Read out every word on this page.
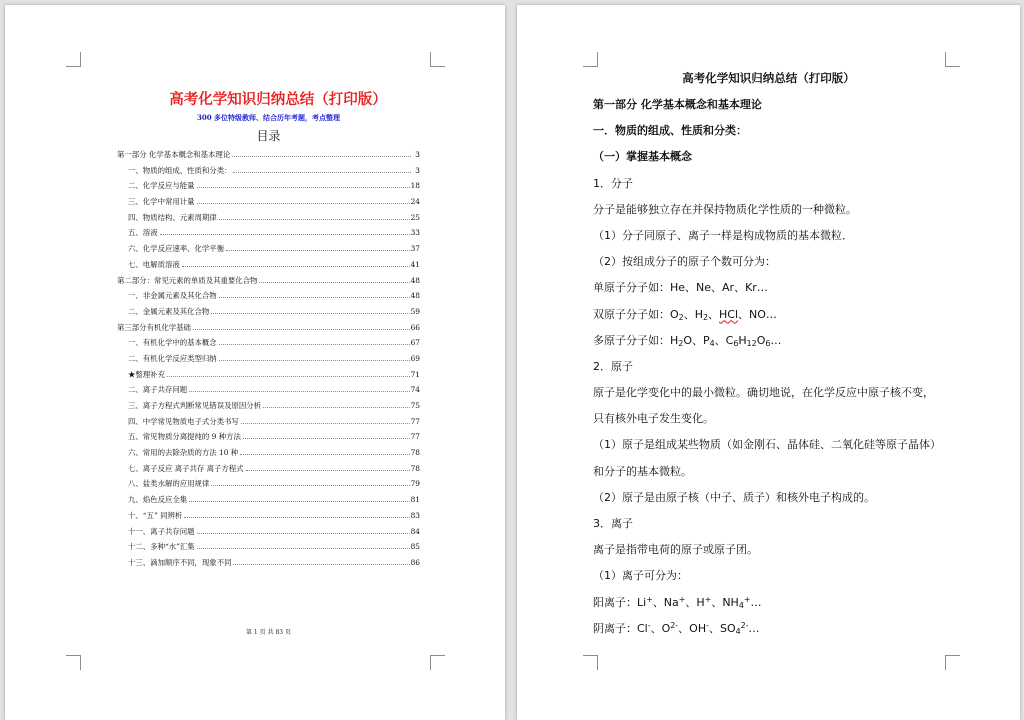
高考化学知识归纳总结（打印版）
300 多位特级教师、结合历年考题，考点整理
目录
第一部分 化学基本概念和基本理论	3
一、物质的组成、性质和分类：	3
二、化学反应与能量	18
三、化学中常用计量	24
四、物质结构、元素周期律	25
五、溶液	33
六、化学反应速率、化学平衡	37
七、电解质溶液	41
第二部分：常见元素的单质及其重要化合物	48
一、非金属元素及其化合物	48
二、金属元素及其化合物	59
第三部分有机化学基础	66
一、有机化学中的基本概念	67
二、有机化学反应类型归纳	69
★整理补充	71
二、离子共存问题	74
三、离子方程式判断常见错误及原因分析	75
四、中学常见物质电子式分类书写	77
五、常见物质分离提纯的 9 种方法	77
六、常用的去除杂质的方法 10 种	78
七、离子反应 离子共存 离子方程式	78
八、盐类水解的应用规律	79
九、焰色反应全集	81
十、“五” 同辨析	83
十一、离子共存问题	84
十二、多种“水”汇集	85
十三、滴加顺序不同，现象不同	86
第 1 页 共 83 页
高考化学知识归纳总结（打印版）
第一部分 化学基本概念和基本理论
一．物质的组成、性质和分类：
（一）掌握基本概念
1．分子
分子是能够独立存在并保持物质化学性质的一种微粒。
（1）分子同原子、离子一样是构成物质的基本微粒．
（2）按组成分子的原子个数可分为：
单原子分子如：He、Ne、Ar、Kr…
双原子分子如：$O_2$、$H_2$、HCl、NO…
多原子分子如：$H_2O$、$P_4$、$C_6H_{12}O_6\dots$
2．原子
原子是化学变化中的最小微粒。确切地说，在化学反应中原子核不变，
只有核外电子发生变化。
（1）原子是组成某些物质（如金刚石、晶体硅、二氧化硅等原子晶体）
和分子的基本微粒。
（2）原子是由原子核（中子、质子）和核外电子构成的。
3．离子
离子是指带电荷的原子或原子团。
（1）离子可分为：
阳离子：Li+、Na+、H+、$NH_4^+\dots$
阴离子：Cl-、$O^{2-}$、OH-、$SO_4^{2-}\dots$
